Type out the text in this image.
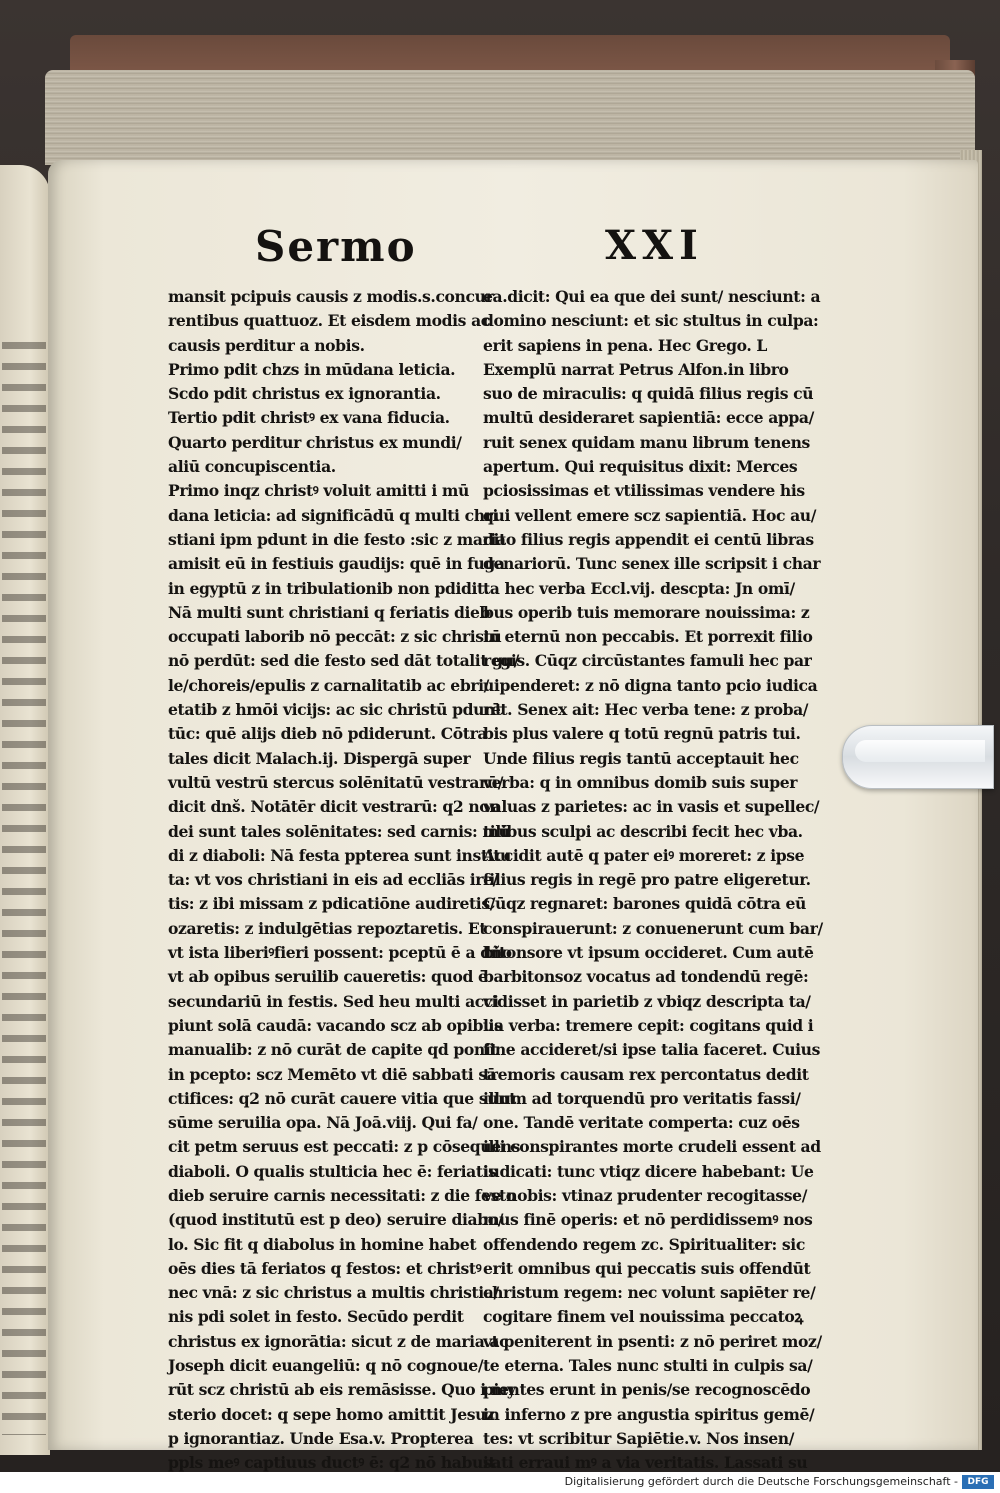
Sermo	XXI
mansit pcipuis causis z modis.s.concur
rentibus quattuoz. Et eisdem modis ac
causis perditur a nobis.
Primo pdit chzs in mūdana leticia.
Scdo pdit christus ex ignorantia.
Tertio pdit christꝰ ex vana fiducia.
Quarto perditur christus ex mundi/
aliū concupiscentia.
Primo inqz christꝰ voluit amitti i mū
dana leticia: ad significādū q multi chri
stiani ipm pdunt in die festo :sic z maria
amisit eū in festiuis gaudijs: quē in fuga
in egyptū z in tribulationib non pdidit.
Nā multi sunt christiani q feriatis dieb
occupati laborib nō peccāt: z sic christū
nō perdūt: sed die festo sed dāt totalit gu/
le/choreis/epulis z carnalitatib ac ebri/
etatib z hmōi vicijs: ac sic christū pdunt
tūc: quē alijs dieb nō pdiderunt. Cōtra
tales dicit Malach.ij. Dispergā super
vultū vestrū stercus solēnitatū vestrarū/
dicit dnš. Notātēr dicit vestrarū: q2 non
dei sunt tales solēnitates: sed carnis: mū
di z diaboli: Nā festa ppterea sunt institu
ta: vt vos christiani in eis ad eccliās ire/
tis: z ibi missam z pdicatiōne audiretis/
ozaretis: z indulgētias repoztaretis. Et
vt ista liberiꝰfieri possent: pceptū ē a dño
vt ab opibus seruilib caueretis: quod ē
secundariū in festis. Sed heu multi acci
piunt solā caudā: vacando scz ab opibus
manualib: z nō curāt de capite qd ponit
in pcepto: scz Memēto vt diē sabbati sā
ctifices: q2 nō curāt cauere vitia que sunt
sūme seruilia opa. Nā Joā.viij. Qui fa/
cit petm seruus est peccati: z p cōsequens
diaboli. O qualis stulticia hec ē: feriatis
dieb seruire carnis necessitati: z die festo
(quod institutū est p deo) seruire diabo/
lo. Sic fit q diabolus in homine habet
oēs dies tā feriatos q festos: et christꝰ
nec vnā: z sic christus a multis christia/
nis pdi solet in festo. Secūdo perdit
christus ex ignorātia: sicut z de maria ac
Joseph dicit euangeliū: q nō cognoue/
rūt scz christū ab eis remāsisse. Quo i my
sterio docet: q sepe homo amittit Jesuz
p ignorantiaz. Unde Esa.v. Propterea
ppls meꝰ captiuus ductꝰ ē: q2 nō habuit
ea.dicit: Qui ea que dei sunt/ nesciunt: a
domino nesciunt: et sic stultus in culpa:
erit sapiens in pena. Hec Grego. L
Exemplū narrat Petrus Alfon.in libro
suo de miraculis: q quidā filius regis cū
multū desideraret sapientiā: ecce appa/
ruit senex quidam manu librum tenens
apertum. Qui requisitus dixit: Merces
pciosissimas et vtilissimas vendere his
qui vellent emere scz sapientiā. Hoc au/
dito filius regis appendit ei centū libras
denariorū. Tunc senex ille scripsit i char
ta hec verba Eccl.vij. descpta: Jn omī/
bus operib tuis memorare nouissima: z
in eternū non peccabis. Et porrexit filio
regis. Cūqz circūstantes famuli hec par
uipenderet: z nō digna tanto pcio iudica
rēt. Senex ait: Hec verba tene: z proba/
bis plus valere q totū regnū patris tui.
Unde filius regis tantū acceptauit hec
verba: q in omnibus domib suis super
valuas z parietes: ac in vasis et supellec/
tilibus sculpi ac describi fecit hec vba.
Accidit autē q pater eiꝰ moreret: z ipse
filius regis in regē pro patre eligeretur.
Cūqz regnaret: barones quidā cōtra eū
conspirauerunt: z conuenerunt cum bar/
bitonsore vt ipsum occideret. Cum autē
barbitonsoz vocatus ad tondendū regē:
vidisset in parietib z vbiqz descripta ta/
lia verba: tremere cepit: cogitans quid i
fine accideret/si ipse talia faceret. Cuius
tremoris causam rex percontatus dedit
illum ad torquendū pro veritatis fassi/
one. Tandē veritate comperta: cuz oēs
illi conspirantes morte crudeli essent ad
iudicati: tunc vtiqz dicere habebant: Ue
ve nobis: vtinaz prudenter recogitasse/
mus finē operis: et nō perdidissemꝰ nos
offendendo regem zc. Spiritualiter: sic
erit omnibus qui peccatis suis offendūt
christum regem: nec volunt sapiēter re/
cogitare finem vel nouissima peccatoꝝ
vt peniterent in psenti: z nō periret moz/
te eterna. Tales nunc stulti in culpis sa/
pientes erunt in penis/se recognoscēdo
in inferno z pre angustia spiritus gemē/
tes: vt scribitur Sapiētie.v. Nos insen/
sati erraui mꝰ a via veritatis. Lassati su
Digitalisierung gefördert durch die Deutsche Forschungsgemeinschaft -	DFG
